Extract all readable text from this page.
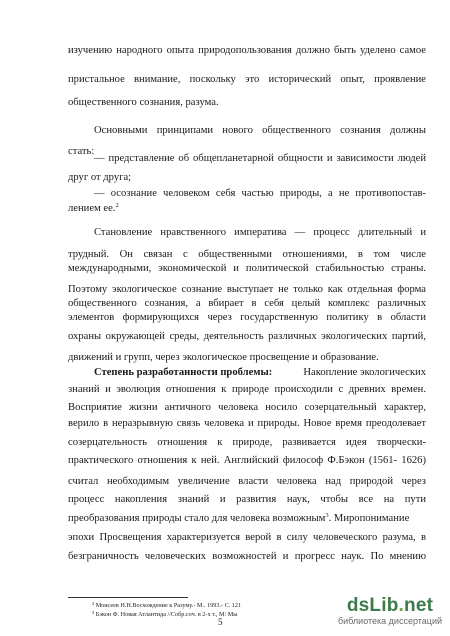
изучению народного опыта природопользования должно быть уделено самое
пристальное внимание, поскольку это исторический опыт, проявление
общественного сознания, разума.
Основными принципами нового общественного сознания должны
стать:
— представление об общепланетарной общности и зависимости людей
друг от друга;
— осознание человеком себя частью природы, а не противопостав-
лением ее.$^2$
Становление нравственного императива — процесс длительный и
трудный. Он связан с общественными отношениями, в том числе
международными, экономической и политической стабильностью страны.
Поэтому экологическое сознание выступает не только как отдельная форма
общественного сознания, а вбирает в себя целый комплекс различных
элементов формирующихся через государственную политику в области
охраны окружающей среды, деятельность различных экологических партий,
движений и групп, через экологическое просвещение и образование.
Степень разработанности проблемы:	Накопление экологических
знаний и эволюция отношения к природе происходили с древних времен.
Восприятие жизни античного человека носило созерцательный характер,
верило в неразрывную связь человека и природы. Новое время преодолевает
созерцательность отношения к природе, развивается идея творчески-
практического отношения к ней. Английский философ Ф.Бэкон (1561- 1626)
считал необходимым увеличение власти человека над природой через
процесс накопления знаний и развития наук, чтобы все на пути
преобразования природы стало для человека возможным$^3$. Миропонимание
эпохи Просвещения характеризуется верой в силу человеческого разума, в
безграничность человеческих возможностей и прогресс наук. По мнению
$^2$ Моисеев Н.Н.Восхождение к Разуму.- М.. 1993.- С. 121
$^3$ Бэкон Ф. Новая Атлантида //Собр.соч. в 2-х т., М: Мы
5
dsLib.net
библиотека диссертаций
